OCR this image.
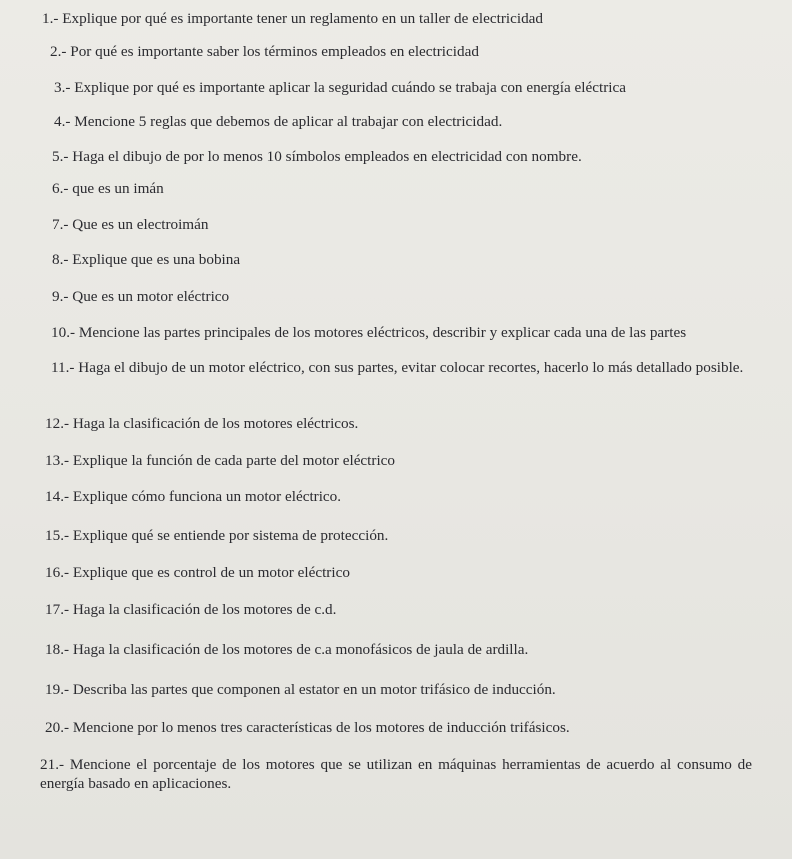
1.- Explique por qué es importante tener un reglamento en un taller de electricidad
2.- Por qué es importante saber los términos empleados en electricidad
3.- Explique por qué es importante aplicar la seguridad cuándo se trabaja con energía eléctrica
4.- Mencione 5 reglas que debemos de aplicar al trabajar con electricidad.
5.- Haga el dibujo de por lo menos 10 símbolos empleados en electricidad con nombre.
6.- que es un imán
7.- Que es un electroimán
8.- Explique que es una bobina
9.- Que es un motor eléctrico
10.- Mencione las partes principales de los motores eléctricos, describir y explicar cada una de las partes
11.- Haga el dibujo de un motor eléctrico, con sus partes, evitar colocar recortes, hacerlo lo más detallado posible.
12.- Haga la clasificación de los motores eléctricos.
13.- Explique la función de cada parte del motor eléctrico
14.- Explique cómo funciona un motor eléctrico.
15.- Explique qué se entiende por sistema de protección.
16.- Explique que es control de un motor eléctrico
17.- Haga la clasificación de los motores de c.d.
18.- Haga la clasificación de los motores de c.a monofásicos de jaula de ardilla.
19.- Describa las partes que componen al estator en un motor trifásico de inducción.
20.- Mencione por lo menos tres características de los motores de inducción trifásicos.
21.- Mencione el porcentaje de los motores que se utilizan en máquinas herramientas de acuerdo al consumo de energía basado en aplicaciones.
